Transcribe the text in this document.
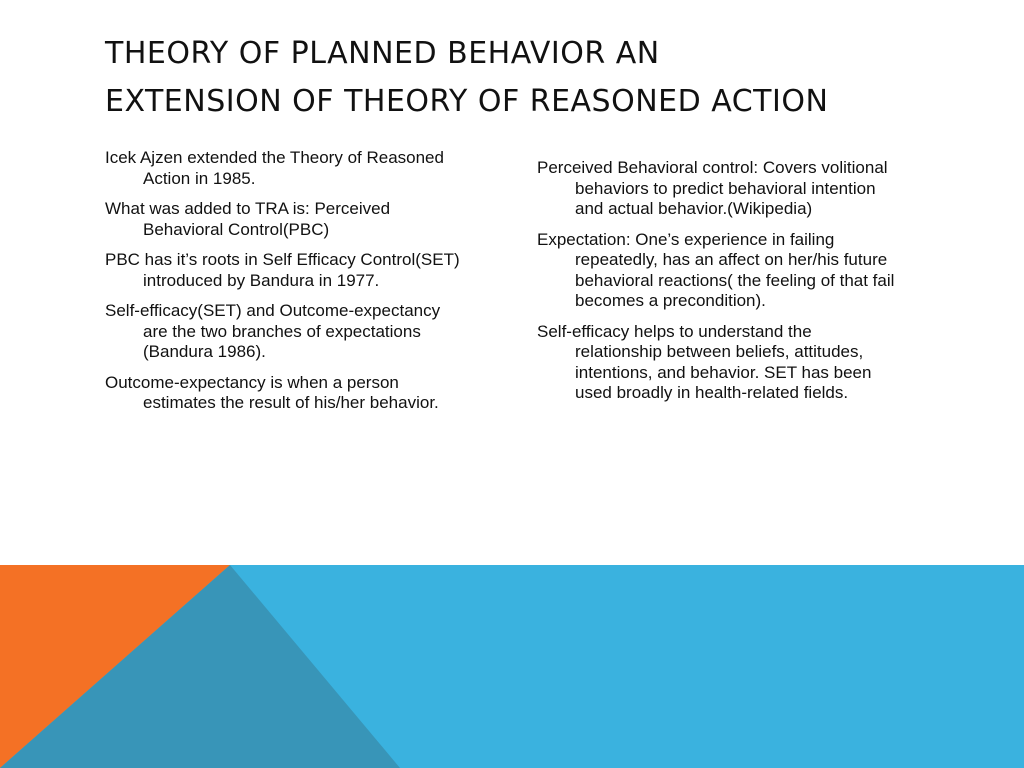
THEORY OF PLANNED BEHAVIOR AN
EXTENSION OF THEORY OF REASONED ACTION
Icek Ajzen extended the Theory of Reasoned Action in 1985.
What was added to TRA is: Perceived Behavioral Control(PBC)
PBC has it’s roots in Self Efficacy Control(SET) introduced by Bandura in 1977.
Self-efficacy(SET) and Outcome-expectancy are the two branches of expectations (Bandura 1986).
Outcome-expectancy is when a person estimates the result of his/her behavior.
Perceived Behavioral control: Covers volitional behaviors to predict behavioral intention and actual behavior.(Wikipedia)
Expectation: One’s experience in failing repeatedly, has an affect on her/his future behavioral reactions( the feeling of that fail becomes a precondition).
Self-efficacy helps to understand the relationship between beliefs, attitudes, intentions, and behavior. SET has been used broadly in health-related fields.
